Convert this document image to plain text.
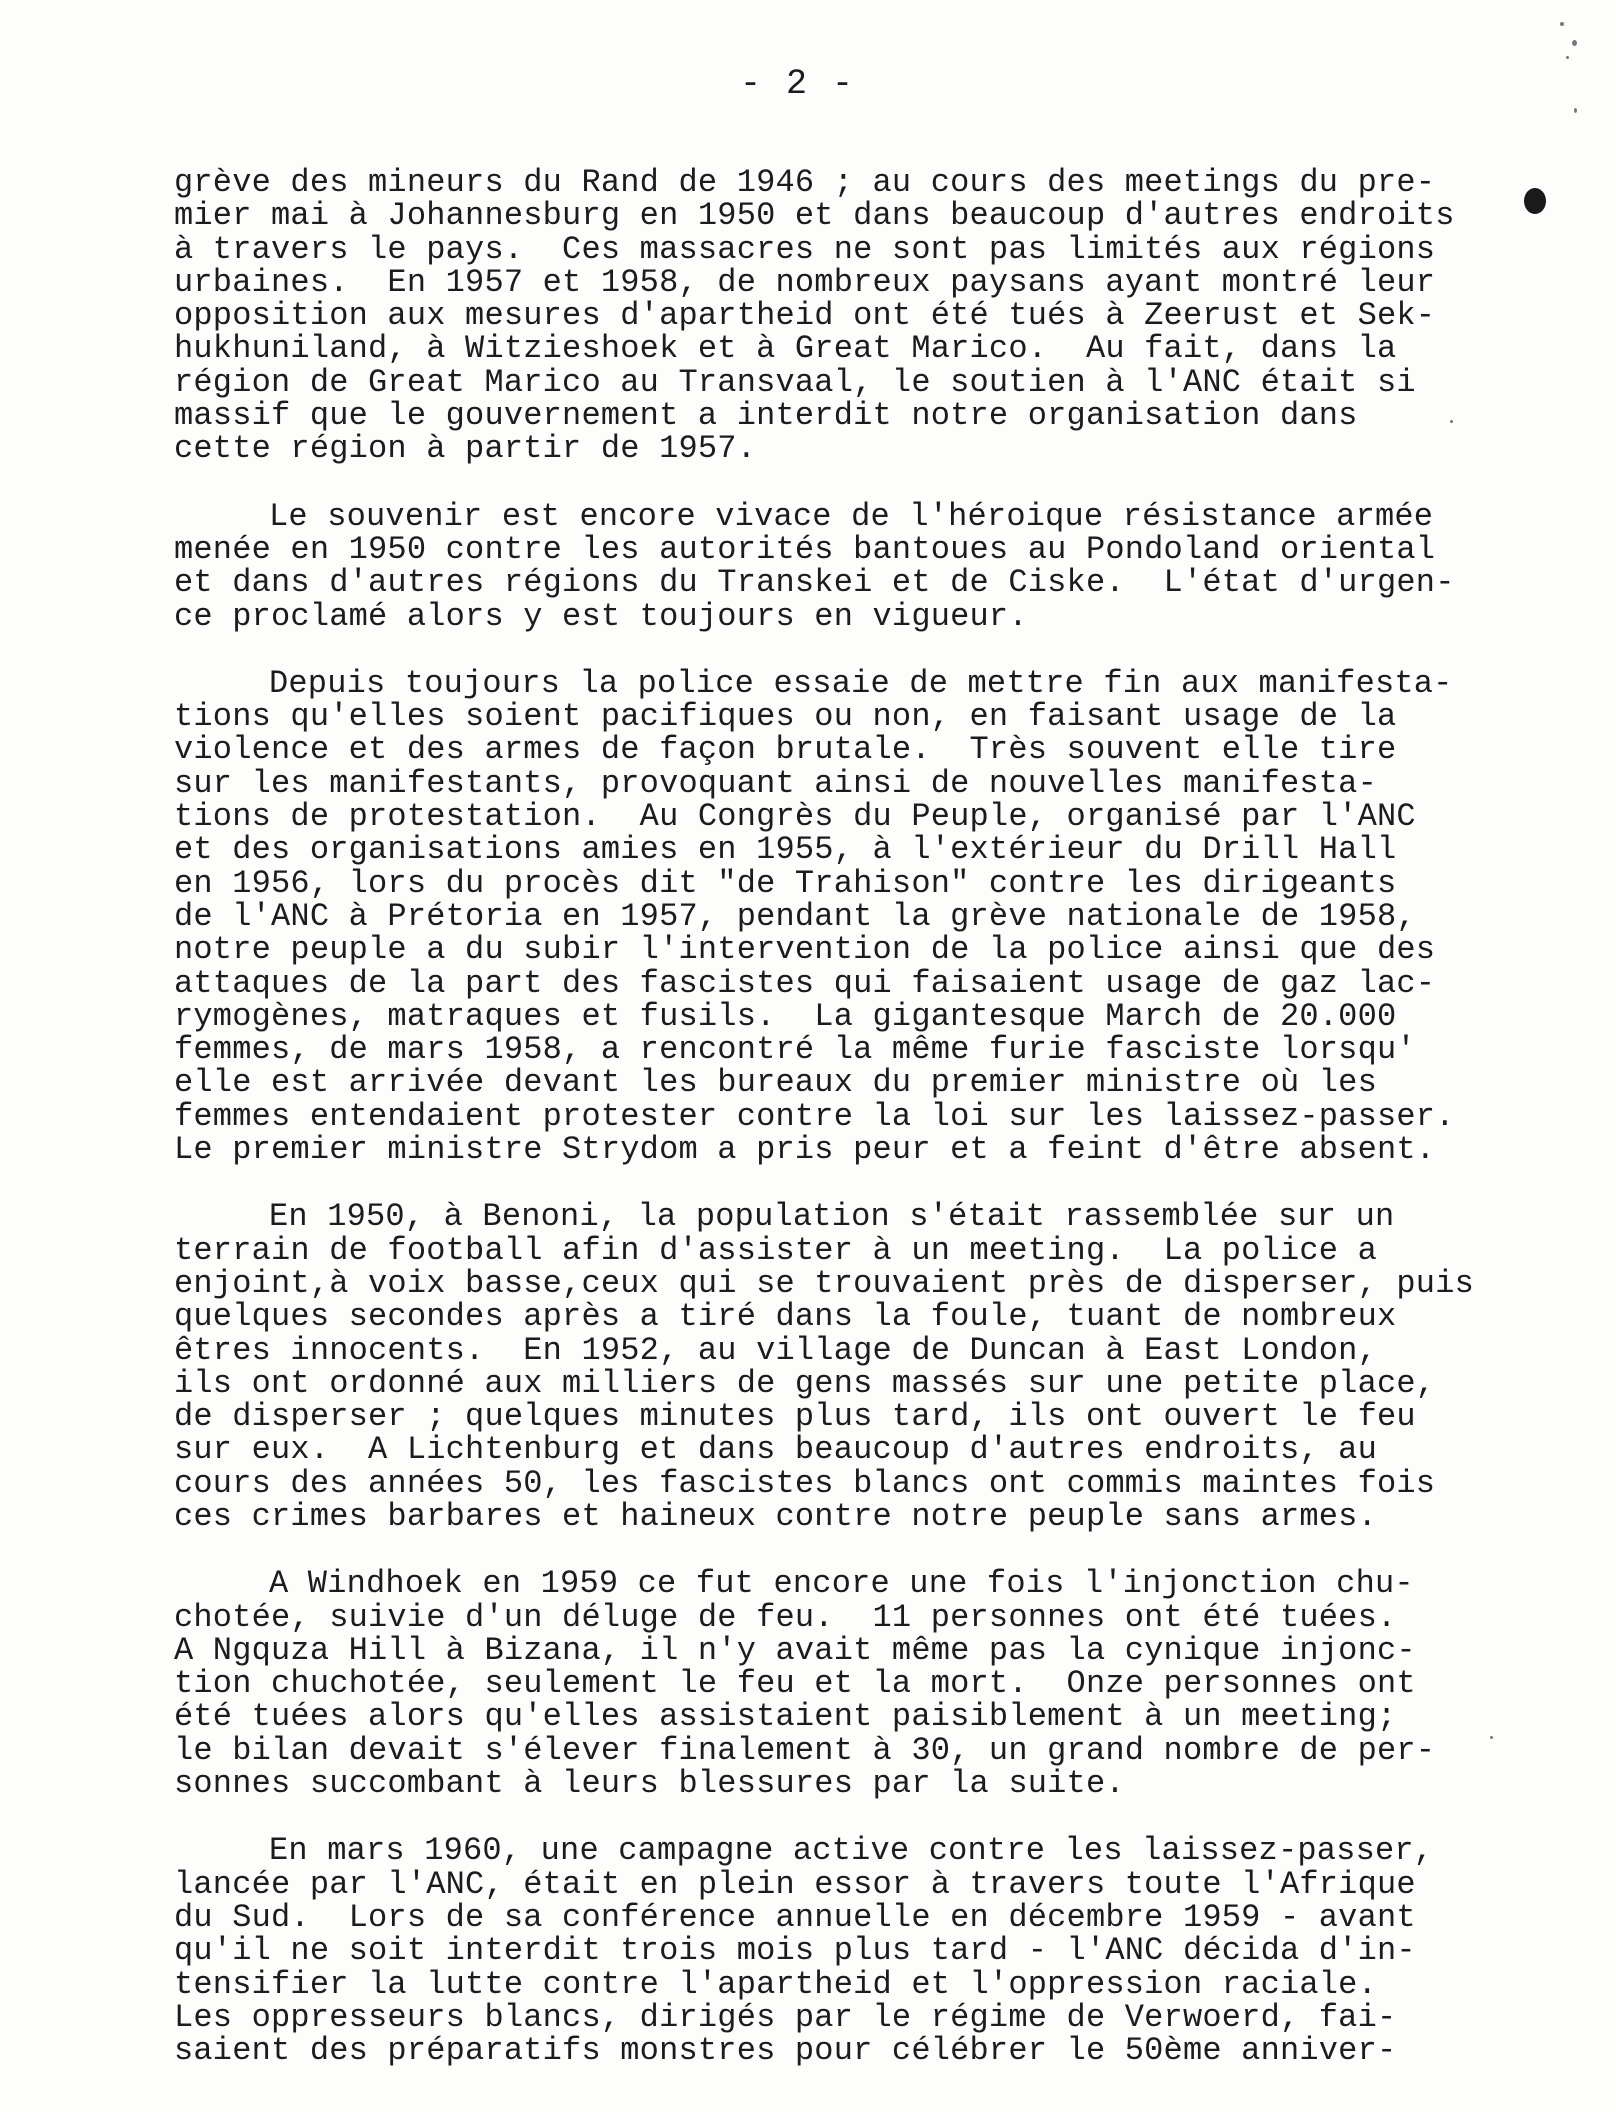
- 2 -
grève des mineurs du Rand de 1946 ; au cours des meetings du pre-
mier mai à Johannesburg en 1950 et dans beaucoup d'autres endroits
à travers le pays.  Ces massacres ne sont pas limités aux régions
urbaines.  En 1957 et 1958, de nombreux paysans ayant montré leur
opposition aux mesures d'apartheid ont été tués à Zeerust et Sek-
hukhuniland, à Witzieshoek et à Great Marico.  Au fait, dans la
région de Great Marico au Transvaal, le soutien à l'ANC était si
massif que le gouvernement a interdit notre organisation dans
cette région à partir de 1957.
Le souvenir est encore vivace de l'héroique résistance armée
menée en 1950 contre les autorités bantoues au Pondoland oriental
et dans d'autres régions du Transkei et de Ciske.  L'état d'urgen-
ce proclamé alors y est toujours en vigueur.
Depuis toujours la police essaie de mettre fin aux manifesta-
tions qu'elles soient pacifiques ou non, en faisant usage de la
violence et des armes de façon brutale.  Très souvent elle tire
sur les manifestants, provoquant ainsi de nouvelles manifesta-
tions de protestation.  Au Congrès du Peuple, organisé par l'ANC
et des organisations amies en 1955, à l'extérieur du Drill Hall
en 1956, lors du procès dit "de Trahison" contre les dirigeants
de l'ANC à Prétoria en 1957, pendant la grève nationale de 1958,
notre peuple a du subir l'intervention de la police ainsi que des
attaques de la part des fascistes qui faisaient usage de gaz lac-
rymogènes, matraques et fusils.  La gigantesque March de 20.000
femmes, de mars 1958, a rencontré la même furie fasciste lorsqu'
elle est arrivée devant les bureaux du premier ministre où les
femmes entendaient protester contre la loi sur les laissez-passer.
Le premier ministre Strydom a pris peur et a feint d'être absent.
En 1950, à Benoni, la population s'était rassemblée sur un
terrain de football afin d'assister à un meeting.  La police a
enjoint,à voix basse,ceux qui se trouvaient près de disperser, puis
quelques secondes après a tiré dans la foule, tuant de nombreux
êtres innocents.  En 1952, au village de Duncan à East London,
ils ont ordonné aux milliers de gens massés sur une petite place,
de disperser ; quelques minutes plus tard, ils ont ouvert le feu
sur eux.  A Lichtenburg et dans beaucoup d'autres endroits, au
cours des années 50, les fascistes blancs ont commis maintes fois
ces crimes barbares et haineux contre notre peuple sans armes.
A Windhoek en 1959 ce fut encore une fois l'injonction chu-
chotée, suivie d'un déluge de feu.  11 personnes ont été tuées.
A Ngquza Hill à Bizana, il n'y avait même pas la cynique injonc-
tion chuchotée, seulement le feu et la mort.  Onze personnes ont
été tuées alors qu'elles assistaient paisiblement à un meeting;
le bilan devait s'élever finalement à 30, un grand nombre de per-
sonnes succombant à leurs blessures par la suite.
En mars 1960, une campagne active contre les laissez-passer,
lancée par l'ANC, était en plein essor à travers toute l'Afrique
du Sud.  Lors de sa conférence annuelle en décembre 1959 - avant
qu'il ne soit interdit trois mois plus tard - l'ANC décida d'in-
tensifier la lutte contre l'apartheid et l'oppression raciale.
Les oppresseurs blancs, dirigés par le régime de Verwoerd, fai-
saient des préparatifs monstres pour célébrer le 50ème anniver-
